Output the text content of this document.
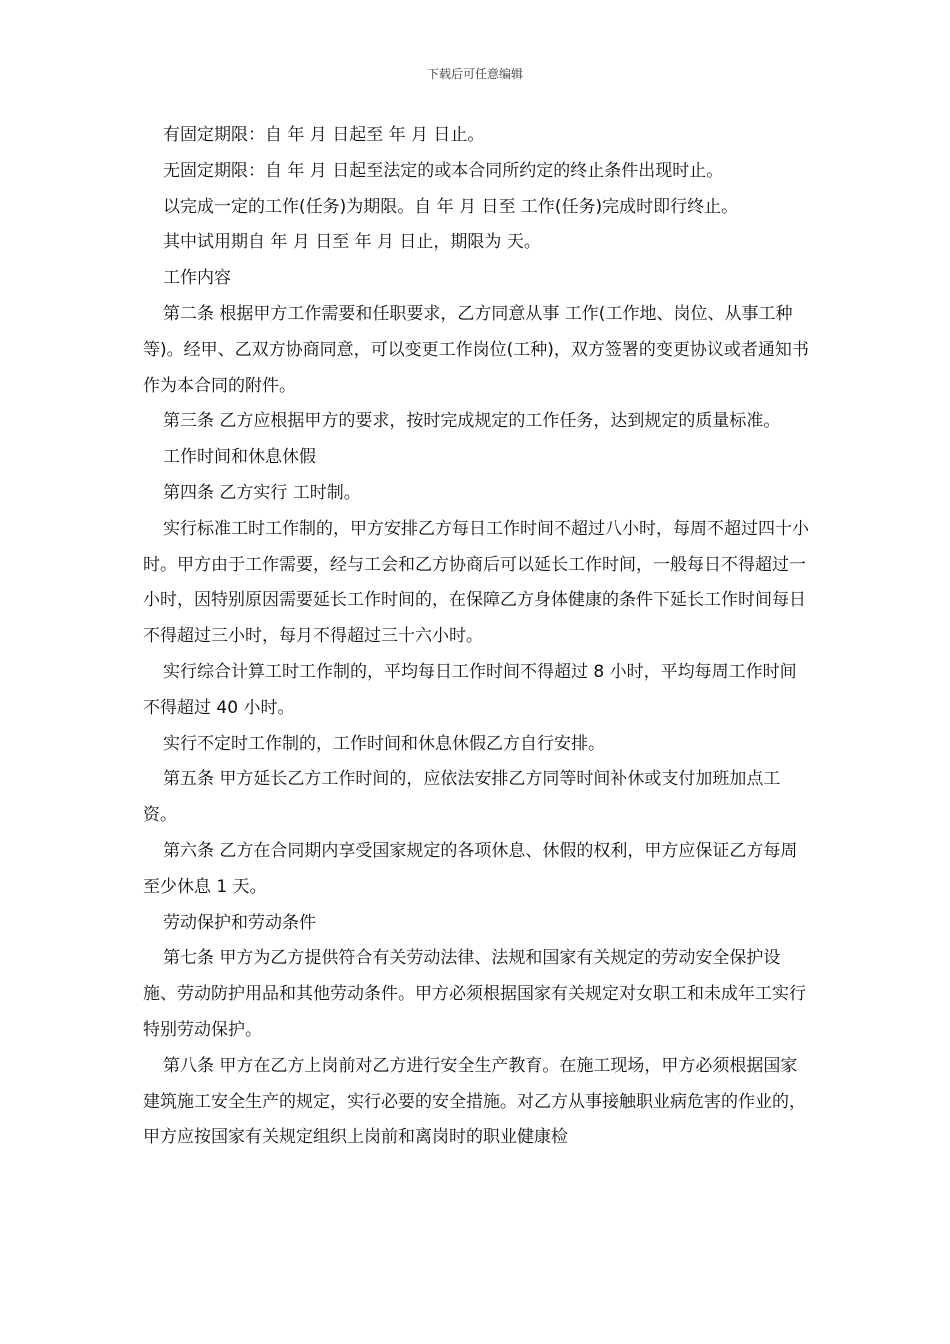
下载后可任意编辑

有固定期限：自 年 月 日起至 年 月 日止。

无固定期限：自 年 月 日起至法定的或本合同所约定的终止条件出现时止。

以完成一定的工作(任务)为期限。自 年 月 日至 工作(任务)完成时即行终止。

其中试用期自 年 月 日至 年 月 日止，期限为 天。

工作内容

第二条 根据甲方工作需要和任职要求，乙方同意从事 工作(工作地、岗位、从事工种等)。经甲、乙双方协商同意，可以变更工作岗位(工种)，双方签署的变更协议或者通知书作为本合同的附件。

第三条 乙方应根据甲方的要求，按时完成规定的工作任务，达到规定的质量标准。

工作时间和休息休假

第四条 乙方实行 工时制。

实行标准工时工作制的，甲方安排乙方每日工作时间不超过八小时，每周不超过四十小时。甲方由于工作需要，经与工会和乙方协商后可以延长工作时间，一般每日不得超过一小时，因特别原因需要延长工作时间的，在保障乙方身体健康的条件下延长工作时间每日不得超过三小时，每月不得超过三十六小时。

实行综合计算工时工作制的，平均每日工作时间不得超过 8 小时，平均每周工作时间不得超过 40 小时。

实行不定时工作制的，工作时间和休息休假乙方自行安排。

第五条 甲方延长乙方工作时间的，应依法安排乙方同等时间补休或支付加班加点工资。

第六条 乙方在合同期内享受国家规定的各项休息、休假的权利，甲方应保证乙方每周至少休息 1 天。

劳动保护和劳动条件

第七条 甲方为乙方提供符合有关劳动法律、法规和国家有关规定的劳动安全保护设施、劳动防护用品和其他劳动条件。甲方必须根据国家有关规定对女职工和未成年工实行特别劳动保护。

第八条 甲方在乙方上岗前对乙方进行安全生产教育。在施工现场，甲方必须根据国家建筑施工安全生产的规定，实行必要的安全措施。对乙方从事接触职业病危害的作业的，甲方应按国家有关规定组织上岗前和离岗时的职业健康检
